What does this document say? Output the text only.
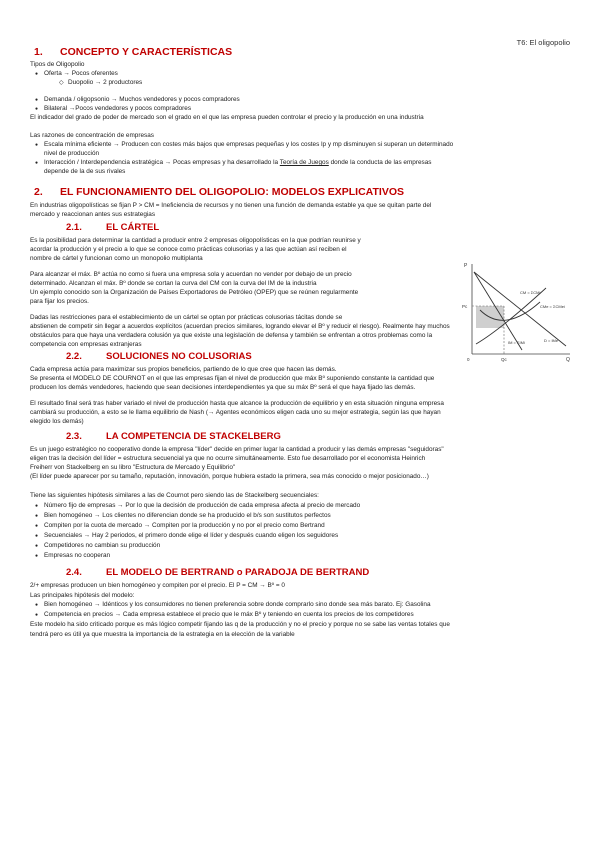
T6: El oligopolio
1. CONCEPTO Y CARACTERÍSTICAS
Tipos de Oligopolio
● Oferta → Pocos oferentes
◇ Duopolio → 2 productores
● Demanda / oligopsonio → Muchos vendedores y pocos compradores
● Bilateral →Pocos vendedores y pocos compradores
El indicador del grado de poder de mercado son el grado en el que las empresa pueden controlar el precio y la producción en una industria
Las razones de concentración de empresas
● Escala mínima eficiente → Producen con costes más bajos que empresas pequeñas y los costes lp y mp disminuyen si superan un determinado
nivel de producción
● Interacción / Interdependencia estratégica → Pocas empresas y ha desarrollado la Teoría de Juegos donde la conducta de las empresas
depende de la de sus rivales
2. EL FUNCIONAMIENTO DEL OLIGOPOLIO: MODELOS EXPLICATIVOS
En industrias oligopolísticas se fijan P > CM = Ineficiencia de recursos y no tienen una función de demanda estable ya que se quitan parte del
mercado y reaccionan antes sus estrategias
2.1.	EL CÁRTEL
Es la posibilidad para determinar la cantidad a producir entre 2 empresas oligopolísticas en la que podrían reunirse y
acordar la producción y el precio a lo que se conoce como prácticas colusorias y a las que actúan así reciben el
nombre de cártel y funcionan como un monopolio multiplanta
Para alcanzar el máx. Bº actúa no como si fuera una empresa sola y acuerdan no vender por debajo de un precio
determinado. Alcanzan el máx. Bº donde se cortan la curva del CM con la curva del IM de la industria
Un ejemplo conocido son la Organización de Países Exportadores de Petróleo (OPEP) que se reúnen regularmente
para fijar los precios.
Dadas las restricciones para el establecimiento de un cártel se optan por prácticas colusorias tácitas donde se
abstienen de competir sin llegar a acuerdos explícitos (acuerdan precios similares, logrando elevar el Bº y reducir el riesgo). Realmente hay muchos
obstáculos para que haya una verdadera colusión ya que existe una legislación de defensa y también se enfrentan a otros problemas como la
competencia con empresas extranjeras
P
Pc
Q
Qc
0
CM = ΣCMi
CMe = ΣCMei
IM = ΣIMi	D = IMe
2.2.	SOLUCIONES NO COLUSORIAS
Cada empresa actúa para maximizar sus propios beneficios, partiendo de lo que cree que hacen las demás.
Se presenta el MODELO DE COURNOT en el que las empresas fijan el nivel de producción que máx Bº suponiendo constante la cantidad que
producen los demás vendedores, haciendo que sean decisiones interdependientes ya que su máx Bº será el que haya fijado las demás.
El resultado final será tras haber variado el nivel de producción hasta que alcance la producción de equilibrio y en esta situación ninguna empresa
cambiará su producción, a esto se le llama equilibrio de Nash (→ Agentes económicos eligen cada uno su mejor estrategia, según las que hayan
elegido los demás)
2.3.	LA COMPETENCIA DE STACKELBERG
Es un juego estratégico no cooperativo donde la empresa "líder" decide en primer lugar la cantidad a producir y las demás empresas "seguidoras"
eligen tras la decisión del líder = estructura secuencial ya que no ocurre simultáneamente. Esto fue desarrollado por el economista Heinrich
Freiherr von Stackelberg en su libro "Estructura de Mercado y Equilibrio"
(El líder puede aparecer por su tamaño, reputación, innovación, porque hubiera estado la primera, sea más conocido o mejor posicionado…)
Tiene las siguientes hipótesis similares a las de Cournot pero siendo las de Stackelberg secuenciales:
● Número fijo de empresas → Por lo que la decisión de producción de cada empresa afecta al precio de mercado
● Bien homogéneo → Los clientes no diferencian donde se ha producido el b/s son sustitutos perfectos
● Compiten por la cuota de mercado → Compiten por la producción y no por el precio como Bertrand
● Secuenciales → Hay 2 periodos, el primero donde elige el líder y después cuando eligen los seguidores
● Competidores no cambian su producción
● Empresas no cooperan
2.4.	EL MODELO DE BERTRAND o PARADOJA DE BERTRAND
2/+ empresas producen un bien homogéneo y compiten por el precio. El P = CM → Bº = 0
Las principales hipótesis del modelo:
● Bien homogéneo → Idénticos y los consumidores no tienen preferencia sobre donde comprarlo sino donde sea más barato. Ej: Gasolina
● Competencia en precios → Cada empresa establece el precio que le máx Bº y teniendo en cuenta los precios de los competidores
Este modelo ha sido criticado porque es más lógico competir fijando las q de la producción y no el precio y porque no se sabe las ventas totales que
tendrá pero es útil ya que muestra la importancia de la estrategia en la elección de la variable
